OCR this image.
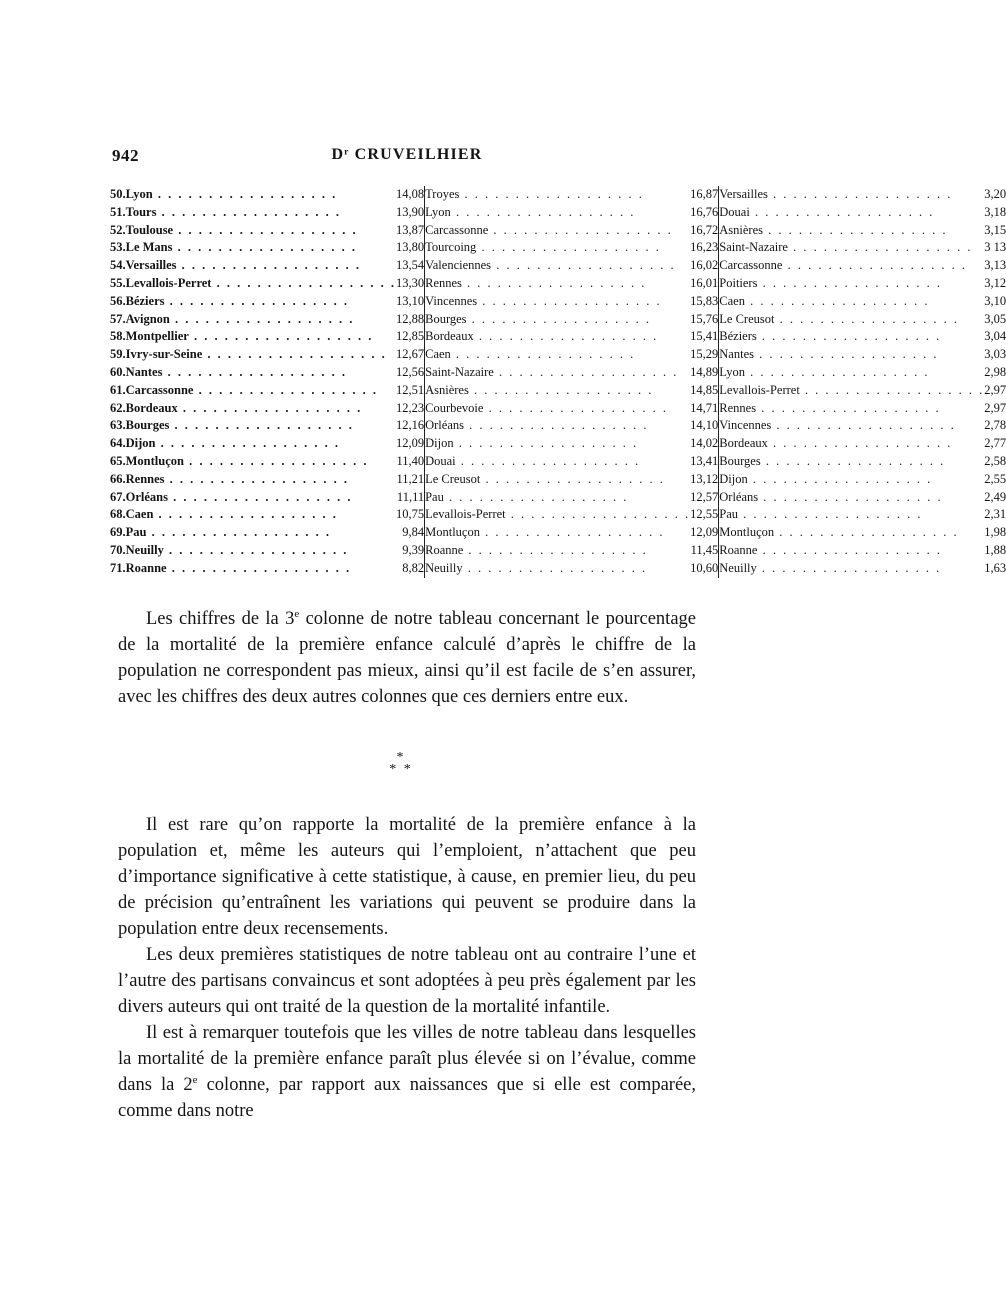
942	Dʳ CRUVEILHIER
50.	Lyon . . . . . . . . . . . . . . . . . .	14,08	Troyes . . . . . . . . . . . . . . . . . .	16,87	Versailles . . . . . . . . . . . . . . . . . .	3,20
51.	Tours . . . . . . . . . . . . . . . . . .	13,90	Lyon . . . . . . . . . . . . . . . . . .	16,76	Douai . . . . . . . . . . . . . . . . . .	3,18
52.	Toulouse . . . . . . . . . . . . . . . . . .	13,87	Carcassonne . . . . . . . . . . . . . . . . . .	16,72	Asnières . . . . . . . . . . . . . . . . . .	3,15
53.	Le Mans . . . . . . . . . . . . . . . . . .	13,80	Tourcoing . . . . . . . . . . . . . . . . . .	16,23	Saint-Nazaire . . . . . . . . . . . . . . . . . .	3 13
54.	Versailles . . . . . . . . . . . . . . . . . .	13,54	Valenciennes . . . . . . . . . . . . . . . . . .	16,02	Carcassonne . . . . . . . . . . . . . . . . . .	3,13
55.	Levallois-Perret . . . . . . . . . . . . . . . . . .	13,30	Rennes . . . . . . . . . . . . . . . . . .	16,01	Poitiers . . . . . . . . . . . . . . . . . .	3,12
56.	Béziers . . . . . . . . . . . . . . . . . .	13,10	Vincennes . . . . . . . . . . . . . . . . . .	15,83	Caen . . . . . . . . . . . . . . . . . .	3,10
57.	Avignon . . . . . . . . . . . . . . . . . .	12,88	Bourges . . . . . . . . . . . . . . . . . .	15,76	Le Creusot . . . . . . . . . . . . . . . . . .	3,05
58.	Montpellier . . . . . . . . . . . . . . . . . .	12,85	Bordeaux . . . . . . . . . . . . . . . . . .	15,41	Béziers . . . . . . . . . . . . . . . . . .	3,04
59.	Ivry-sur-Seine . . . . . . . . . . . . . . . . . .	12,67	Caen . . . . . . . . . . . . . . . . . .	15,29	Nantes . . . . . . . . . . . . . . . . . .	3,03
60.	Nantes . . . . . . . . . . . . . . . . . .	12,56	Saint-Nazaire . . . . . . . . . . . . . . . . . .	14,89	Lyon . . . . . . . . . . . . . . . . . .	2,98
61.	Carcassonne . . . . . . . . . . . . . . . . . .	12,51	Asnières . . . . . . . . . . . . . . . . . .	14,85	Levallois-Perret . . . . . . . . . . . . . . . . . .	2,97
62.	Bordeaux . . . . . . . . . . . . . . . . . .	12,23	Courbevoie . . . . . . . . . . . . . . . . . .	14,71	Rennes . . . . . . . . . . . . . . . . . .	2,97
63.	Bourges . . . . . . . . . . . . . . . . . .	12,16	Orléans . . . . . . . . . . . . . . . . . .	14,10	Vincennes . . . . . . . . . . . . . . . . . .	2,78
64.	Dijon . . . . . . . . . . . . . . . . . .	12,09	Dijon . . . . . . . . . . . . . . . . . .	14,02	Bordeaux . . . . . . . . . . . . . . . . . .	2,77
65.	Montluçon . . . . . . . . . . . . . . . . . .	11,40	Douai . . . . . . . . . . . . . . . . . .	13,41	Bourges . . . . . . . . . . . . . . . . . .	2,58
66.	Rennes . . . . . . . . . . . . . . . . . .	11,21	Le Creusot . . . . . . . . . . . . . . . . . .	13,12	Dijon . . . . . . . . . . . . . . . . . .	2,55
67.	Orléans . . . . . . . . . . . . . . . . . .	11,11	Pau . . . . . . . . . . . . . . . . . .	12,57	Orléans . . . . . . . . . . . . . . . . . .	2,49
68.	Caen . . . . . . . . . . . . . . . . . .	10,75	Levallois-Perret . . . . . . . . . . . . . . . . . .	12,55	Pau . . . . . . . . . . . . . . . . . .	2,31
69.	Pau . . . . . . . . . . . . . . . . . .	9,84	Montluçon . . . . . . . . . . . . . . . . . .	12,09	Montluçon . . . . . . . . . . . . . . . . . .	1,98
70.	Neuilly . . . . . . . . . . . . . . . . . .	9,39	Roanne . . . . . . . . . . . . . . . . . .	11,45	Roanne . . . . . . . . . . . . . . . . . .	1,88
71.	Roanne . . . . . . . . . . . . . . . . . .	8,82	Neuilly . . . . . . . . . . . . . . . . . .	10,60	Neuilly . . . . . . . . . . . . . . . . . .	1,63

Les chiffres de la 3e colonne de notre tableau concernant le pourcentage de la mortalité de la première enfance calculé d’après le chiffre de la population ne correspondent pas mieux, ainsi qu’il est facile de s’en assurer, avec les chiffres des deux autres colonnes que ces derniers entre eux.

*
* *

Il est rare qu’on rapporte la mortalité de la première enfance à la population et, même les auteurs qui l’emploient, n’attachent que peu d’importance significative à cette statistique, à cause, en premier lieu, du peu de précision qu’entraînent les variations qui peuvent se produire dans la population entre deux recensements.

Les deux premières statistiques de notre tableau ont au contraire l’une et l’autre des partisans convaincus et sont adoptées à peu près également par les divers auteurs qui ont traité de la question de la mortalité infantile.

Il est à remarquer toutefois que les villes de notre tableau dans lesquelles la mortalité de la première enfance paraît plus élevée si on l’évalue, comme dans la 2e colonne, par rapport aux naissances que si elle est comparée, comme dans notre
